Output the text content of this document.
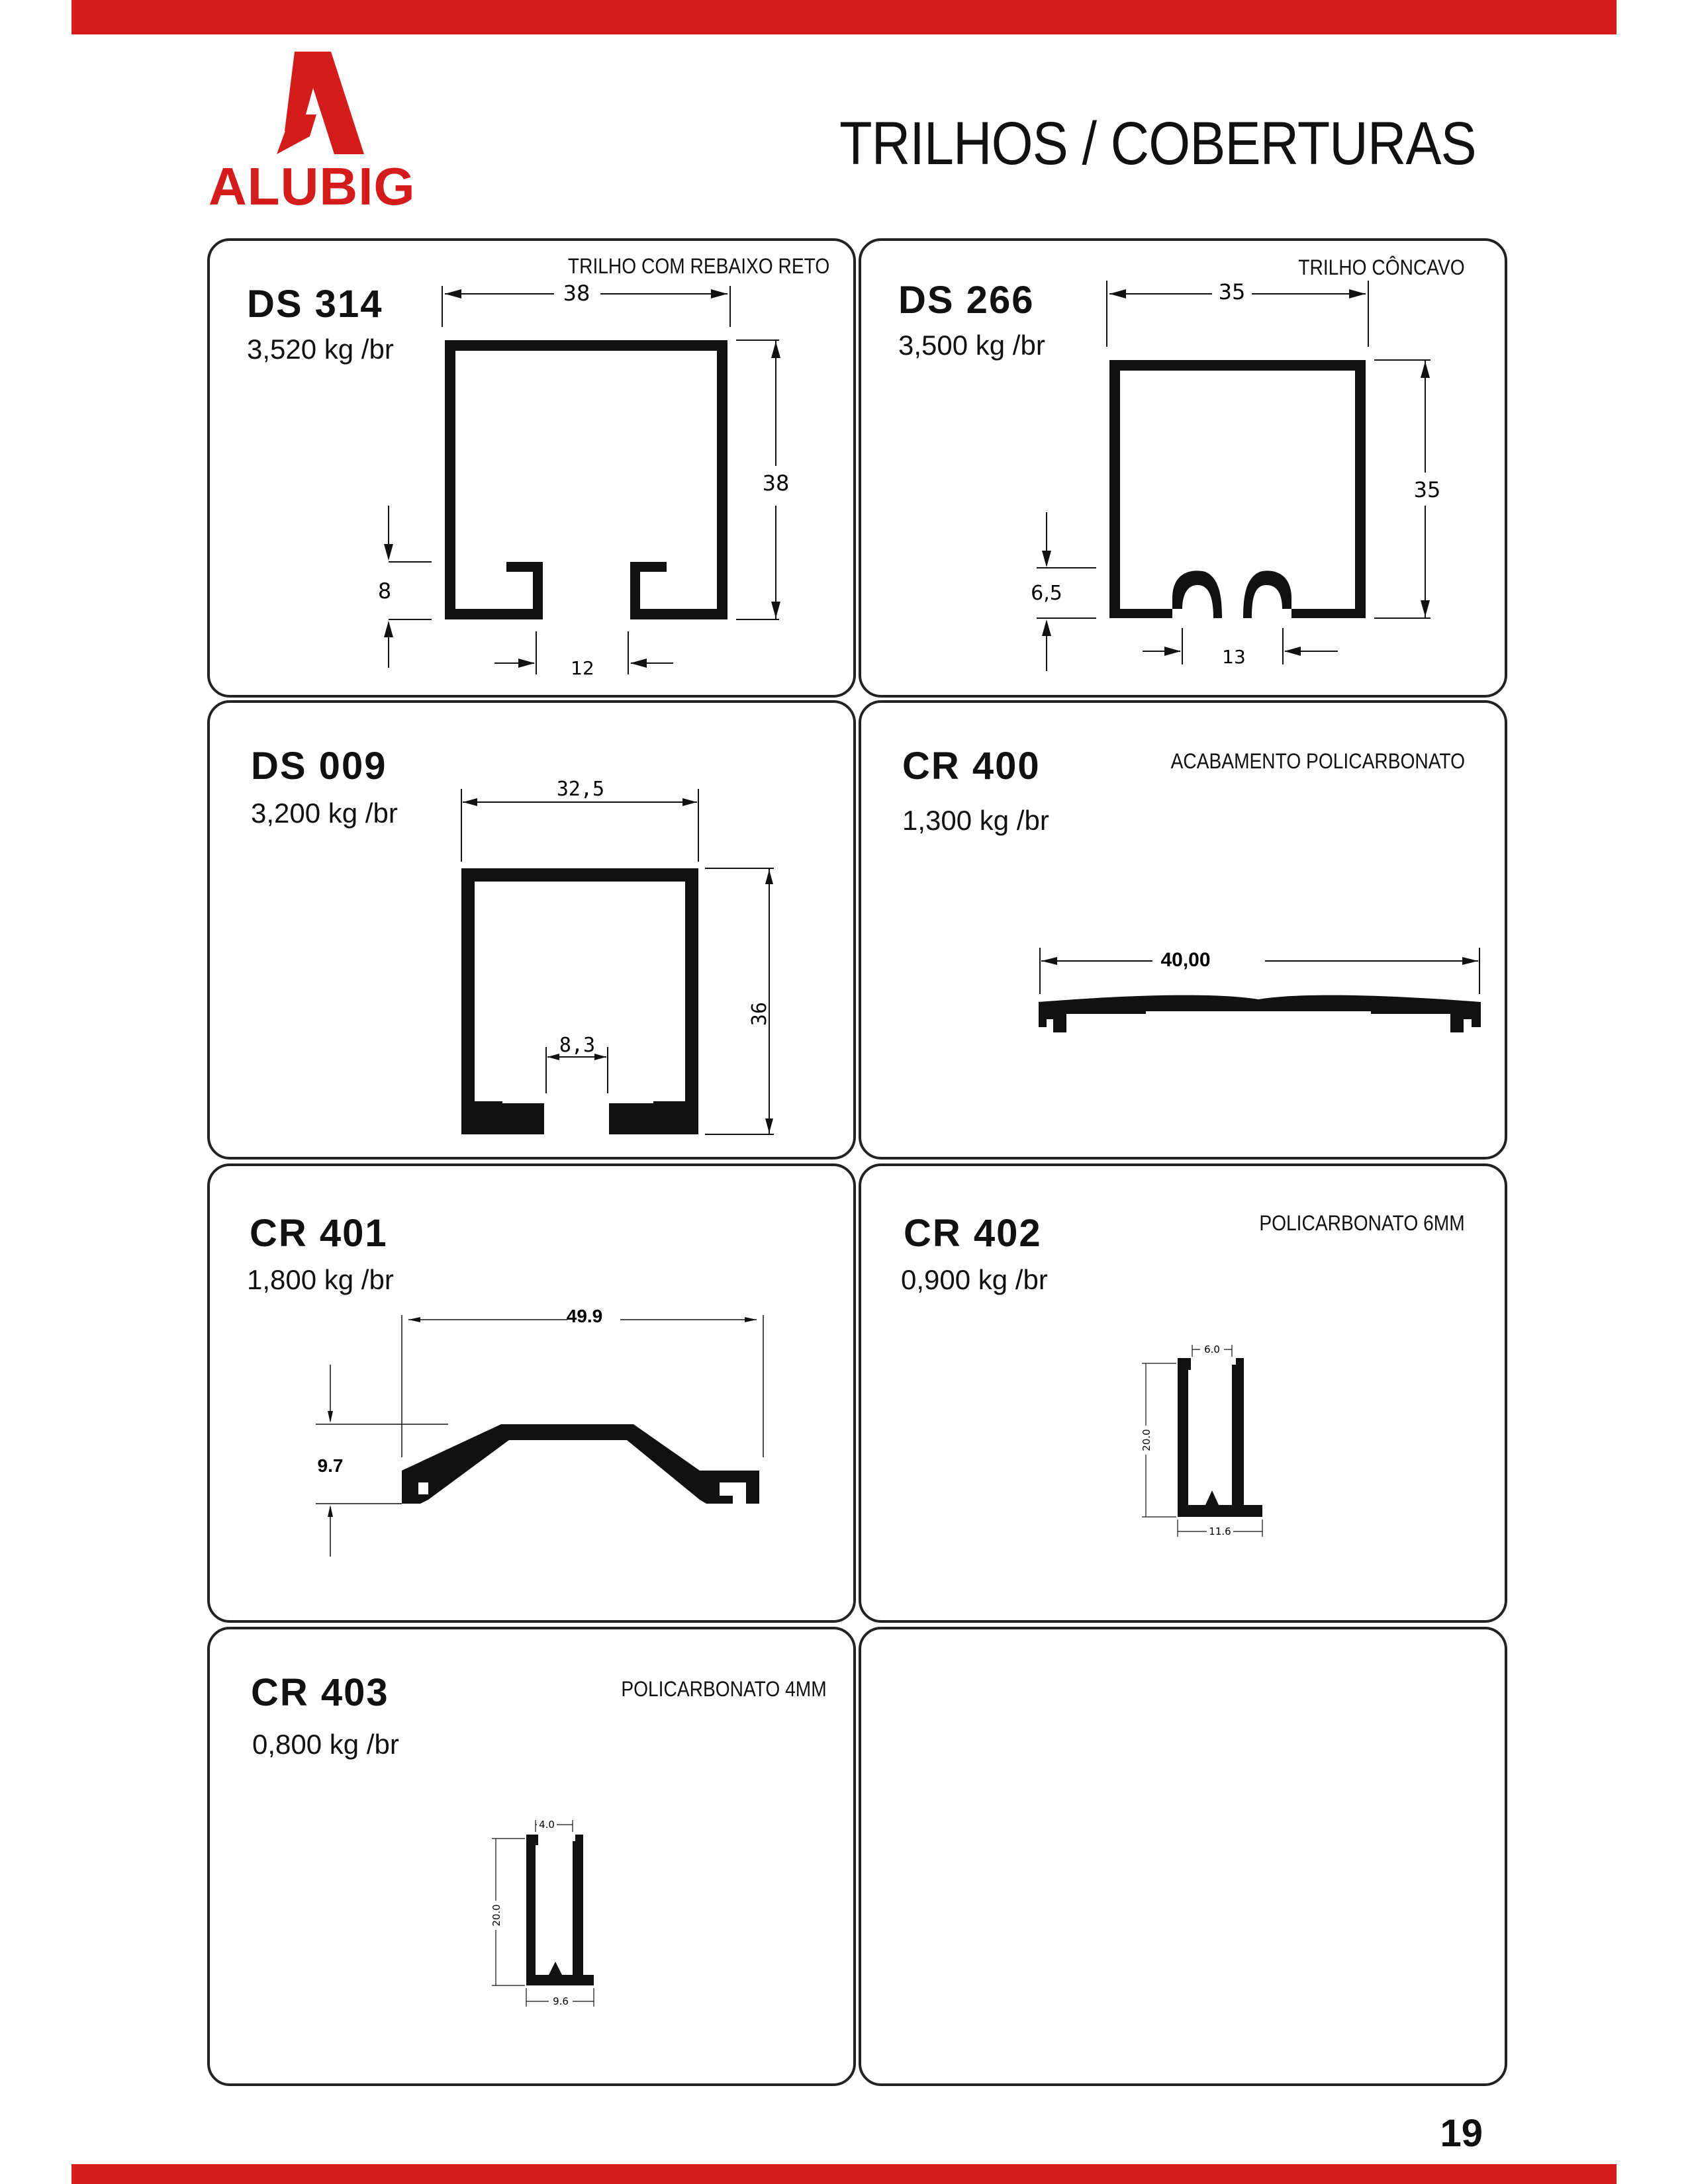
ALUBIG
TRILHOS / COBERTURAS
DS 314
3,520 kg /br
TRILHO COM REBAIXO RETO
38
38
8
12
DS 266
3,500 kg /br
TRILHO CÔNCAVO
35
35
6,5
13
DS 009
3,200 kg /br
32,5
8,3
36
CR 400
1,300 kg /br
ACABAMENTO POLICARBONATO
40,00
CR 401
1,800 kg /br
49.9
9.7
CR 402
0,900 kg /br
POLICARBONATO 6MM
6.0
11.6
20.0
CR 403
0,800 kg /br
POLICARBONATO 4MM
4.0
9.6
20.0
19
